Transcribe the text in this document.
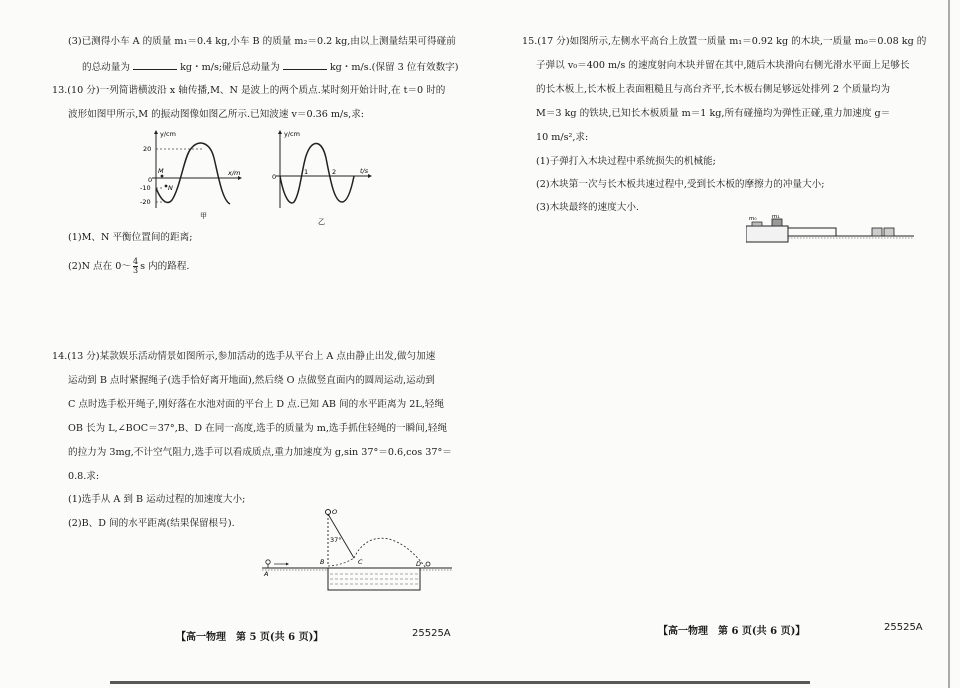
(3)已测得小车 A 的质量 m₁＝0.4 kg,小车 B 的质量 m₂＝0.2 kg,由以上测量结果可得碰前
的总动量为	kg・m/s;碰后总动量为	kg・m/s.(保留 3 位有效数字)
13.(10 分)一列简谐横波沿 x 轴传播,M、N 是波上的两个质点.某时刻开始计时,在 t＝0 时的
波形如图甲所示,M 的振动图像如图乙所示.已知波速 v＝0.36 m/s,求:
y/cm
x/m
20
-10
-20
0
M
N
甲
y/cm
t/s
0
1	2
乙
(1)M、N 平衡位置间的距离;
(2)N 点在 0～ $\frac{4}{3}$ s 内的路程.
14.(13 分)某款娱乐活动情景如图所示,参加活动的选手从平台上 A 点由静止出发,做匀加速
运动到 B 点时紧握绳子(选手恰好离开地面),然后绕 O 点做竖直面内的圆周运动,运动到
C 点时选手松开绳子,刚好落在水池对面的平台上 D 点.已知 AB 间的水平距离为 2L,轻绳
OB 长为 L,∠BOC＝37°,B、D 在同一高度,选手的质量为 m,选手抓住轻绳的一瞬间,轻绳
的拉力为 3mg,不计空气阻力,选手可以看成质点,重力加速度为 g,sin 37°＝0.6,cos 37°＝
0.8.求:
(1)选手从 A 到 B 运动过程的加速度大小;
(2)B、D 间的水平距离(结果保留根号).
O
37°
C
B
A
D
【高一物理　第 5 页(共 6 页)】	25525A
15.(17 分)如图所示,左侧水平高台上放置一质量 m₁＝0.92 kg 的木块,一质量 m₀＝0.08 kg 的
子弹以 v₀＝400 m/s 的速度射向木块并留在其中,随后木块滑向右侧光滑水平面上足够长
的长木板上,长木板上表面粗糙且与高台齐平,长木板右侧足够远处排列 2 个质量均为
M＝3 kg 的铁块,已知长木板质量 m＝1 kg,所有碰撞均为弹性正碰,重力加速度 g＝
10 m/s²,求:
(1)子弹打入木块过程中系统损失的机械能;
(2)木块第一次与长木板共速过程中,受到长木板的摩擦力的冲量大小;
(3)木块最终的速度大小.
m₀	m₁
【高一物理　第 6 页(共 6 页)】	25525A
